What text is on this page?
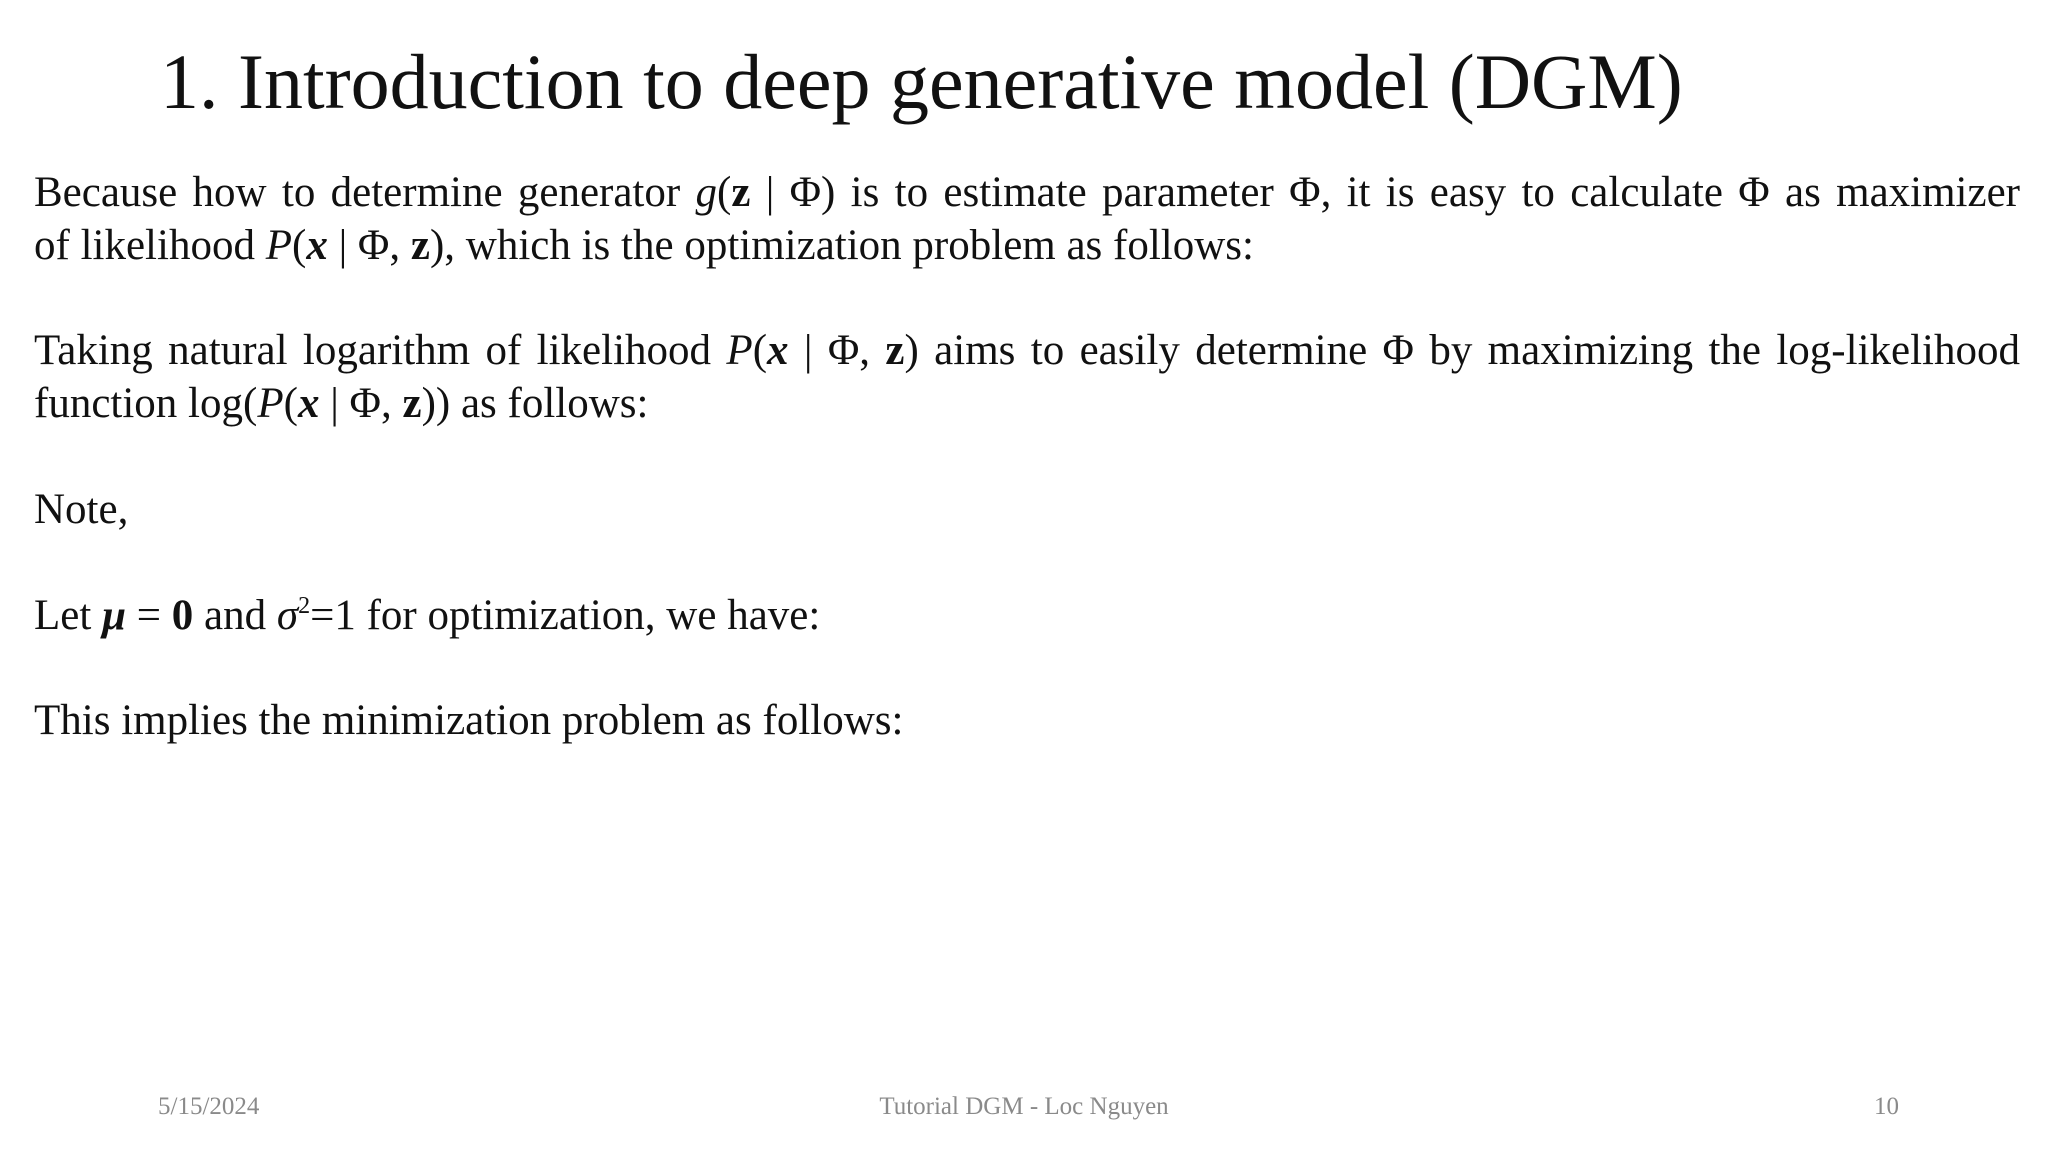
1. Introduction to deep generative model (DGM)

Because how to determine generator g(z | Φ) is to estimate parameter Φ, it is easy to calculate Φ as maximizer
of likelihood P(x | Φ, z), which is the optimization problem as follows:

Taking natural logarithm of likelihood P(x | Φ, z) aims to easily determine Φ by maximizing the log-likelihood
function log(P(x | Φ, z)) as follows:

Note,

Let μ = 0 and $\sigma^2=1$ for optimization, we have:

This implies the minimization problem as follows:

5/15/2024	Tutorial DGM - Loc Nguyen	10
